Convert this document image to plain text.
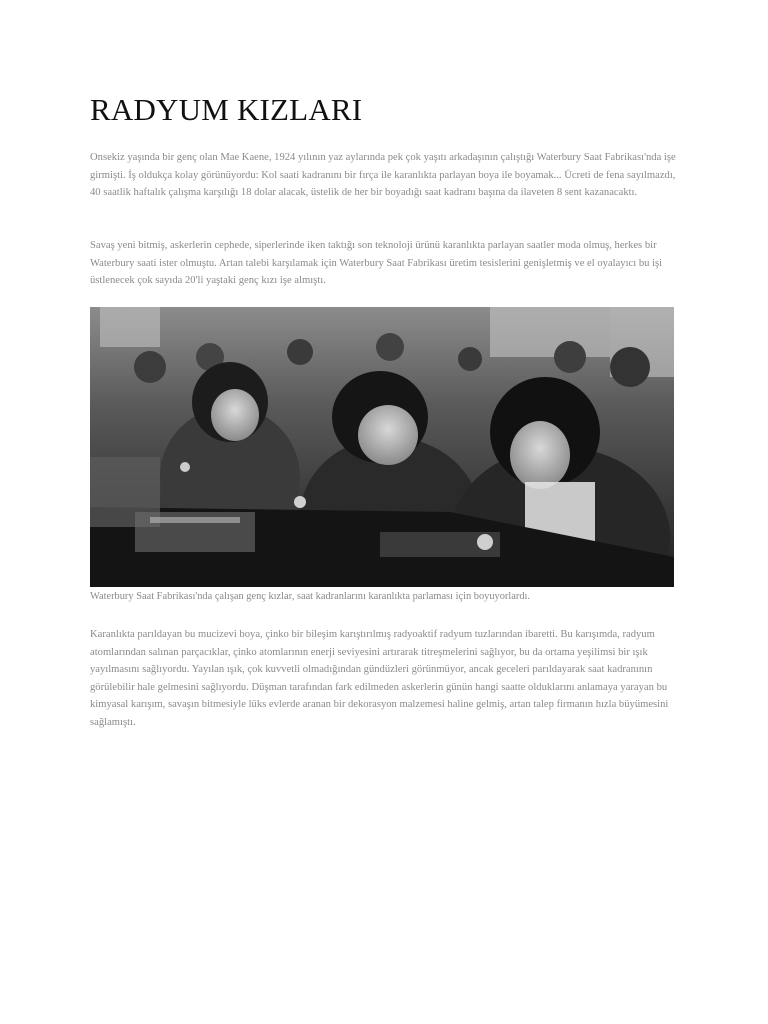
RADYUM KIZLARI

Onsekiz yaşında bir genç olan Mae Kaene, 1924 yılının yaz aylarında pek çok yaşıtı arkadaşının çalıştığı Waterbury Saat Fabrikası'nda işe girmişti. İş oldukça kolay görünüyordu: Kol saati kadranını bir fırça ile karanlıkta parlayan boya ile boyamak... Ücreti de fena sayılmazdı, 40 saatlik haftalık çalışma karşılığı 18 dolar alacak, üstelik de her bir boyadığı saat kadranı başına da ilaveten 8 sent kazanacaktı.

Savaş yeni bitmiş, askerlerin cephede, siperlerinde iken taktığı son teknoloji ürünü karanlıkta parlayan saatler moda olmuş, herkes bir Waterbury saati ister olmuştu. Artan talebi karşılamak için Waterbury Saat Fabrikası üretim tesislerini genişletmiş ve el oyalayıcı bu işi üstlenecek çok sayıda 20'li yaştaki genç kızı işe almıştı.

Waterbury Saat Fabrikası'nda çalışan genç kızlar, saat kadranlarını karanlıkta parlaması için boyuyorlardı.

Karanlıkta parıldayan bu mucizevi boya, çinko bir bileşim karıştırılmış radyoaktif radyum tuzlarından ibaretti. Bu karışımda, radyum atomlarından salınan parçacıklar, çinko atomlarının enerji seviyesini artırarak titreşmelerini sağlıyor, bu da ortama yeşilimsi bir ışık yayılmasını sağlıyordu. Yayılan ışık, çok kuvvetli olmadığından gündüzleri görünmüyor, ancak geceleri parıldayarak saat kadranının görülebilir hale gelmesini sağlıyordu. Düşman tarafından fark edilmeden askerlerin günün hangi saatte olduklarını anlamaya yarayan bu kimyasal karışım, savaşın bitmesiyle lüks evlerde aranan bir dekorasyon malzemesi haline gelmiş, artan talep firmanın hızla büyümesini sağlamıştı.
